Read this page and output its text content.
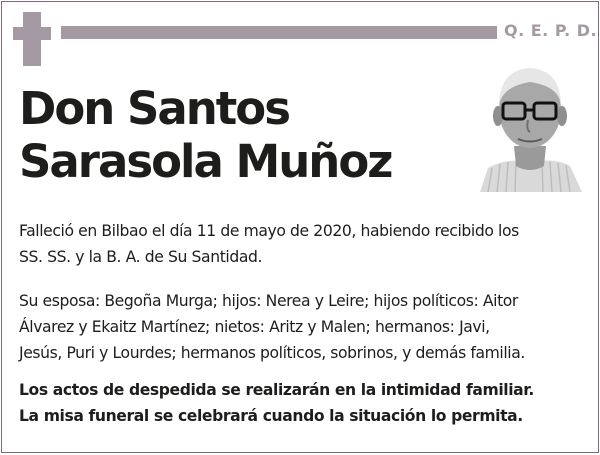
Q. E. P. D.
Don Santos
Sarasola Muñoz

Falleció en Bilbao el día 11 de mayo de 2020, habiendo recibido los
SS. SS. y la B. A. de Su Santidad.

Su esposa: Begoña Murga; hijos: Nerea y Leire; hijos políticos: Aitor
Álvarez y Ekaitz Martínez; nietos: Aritz y Malen; hermanos: Javi,
Jesús, Puri y Lourdes; hermanos políticos, sobrinos, y demás familia.

Los actos de despedida se realizarán en la intimidad familiar.
La misa funeral se celebrará cuando la situación lo permita.
